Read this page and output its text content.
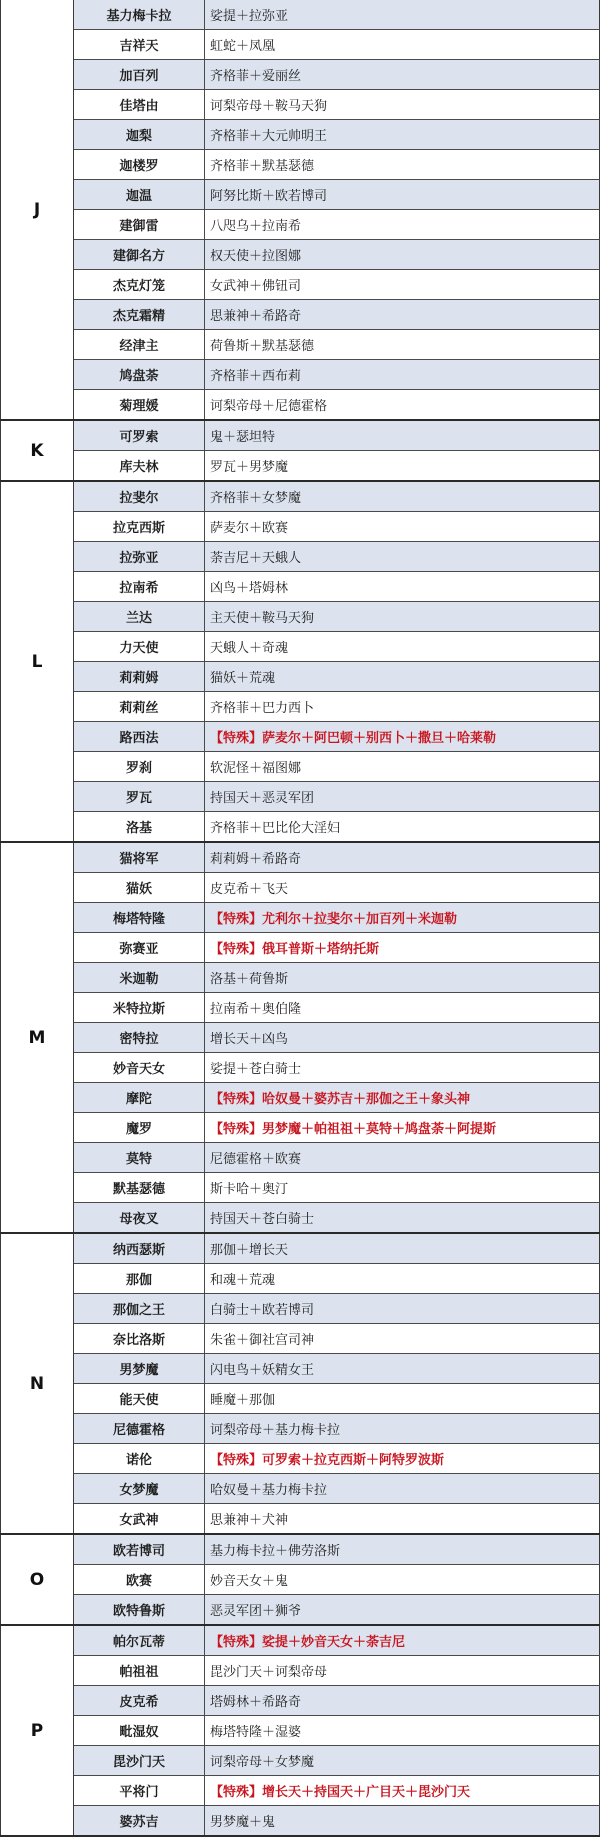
J
基力梅卡拉	娑提＋拉弥亚
吉祥天	虹蛇＋凤凰
加百列	齐格菲＋爱丽丝
佳塔由	诃梨帝母＋鞍马天狗
迦梨	齐格菲＋大元帅明王
迦楼罗	齐格菲＋默基瑟德
迦温	阿努比斯＋欧若博司
建御雷	八咫乌＋拉南希
建御名方	权天使＋拉图娜
杰克灯笼	女武神＋佛钮司
杰克霜精	思兼神＋希路奇
经津主	荷鲁斯＋默基瑟德
鸠盘荼	齐格菲＋西布莉
菊理媛	诃梨帝母＋尼德霍格
K
可罗索	鬼＋瑟坦特
库夫林	罗瓦＋男梦魔
L
拉斐尔	齐格菲＋女梦魔
拉克西斯	萨麦尔＋欧赛
拉弥亚	荼吉尼＋天蛾人
拉南希	凶鸟＋塔姆林
兰达	主天使＋鞍马天狗
力天使	天蛾人＋奇魂
莉莉姆	猫妖＋荒魂
莉莉丝	齐格菲＋巴力西卜
路西法	【特殊】萨麦尔＋阿巴顿＋别西卜＋撒旦＋哈莱勒
罗刹	软泥怪＋福图娜
罗瓦	持国天＋恶灵军团
洛基	齐格菲＋巴比伦大淫妇
M
猫将军	莉莉姆＋希路奇
猫妖	皮克希＋飞天
梅塔特隆	【特殊】尤利尔＋拉斐尔＋加百列＋米迦勒
弥赛亚	【特殊】俄耳普斯＋塔纳托斯
米迦勒	洛基＋荷鲁斯
米特拉斯	拉南希＋奥伯隆
密特拉	增长天＋凶鸟
妙音天女	娑提＋苍白骑士
摩陀	【特殊】哈奴曼＋婆苏吉＋那伽之王＋象头神
魔罗	【特殊】男梦魔＋帕祖祖＋莫特＋鸠盘荼＋阿提斯
莫特	尼德霍格＋欧赛
默基瑟德	斯卡哈＋奥汀
母夜叉	持国天＋苍白骑士
N
纳西瑟斯	那伽＋增长天
那伽	和魂＋荒魂
那伽之王	白骑士＋欧若博司
奈比洛斯	朱雀＋御社宫司神
男梦魔	闪电鸟＋妖精女王
能天使	睡魔＋那伽
尼德霍格	诃梨帝母＋基力梅卡拉
诺伦	【特殊】可罗索＋拉克西斯＋阿特罗波斯
女梦魔	哈奴曼＋基力梅卡拉
女武神	思兼神＋犬神
O
欧若博司	基力梅卡拉＋佛劳洛斯
欧赛	妙音天女＋鬼
欧特鲁斯	恶灵军团＋狮爷
P
帕尔瓦蒂	【特殊】娑提＋妙音天女＋荼吉尼
帕祖祖	毘沙门天＋诃梨帝母
皮克希	塔姆林＋希路奇
毗湿奴	梅塔特隆＋湿婆
毘沙门天	诃梨帝母＋女梦魔
平将门	【特殊】增长天＋持国天＋广目天＋毘沙门天
婆苏吉	男梦魔＋鬼
